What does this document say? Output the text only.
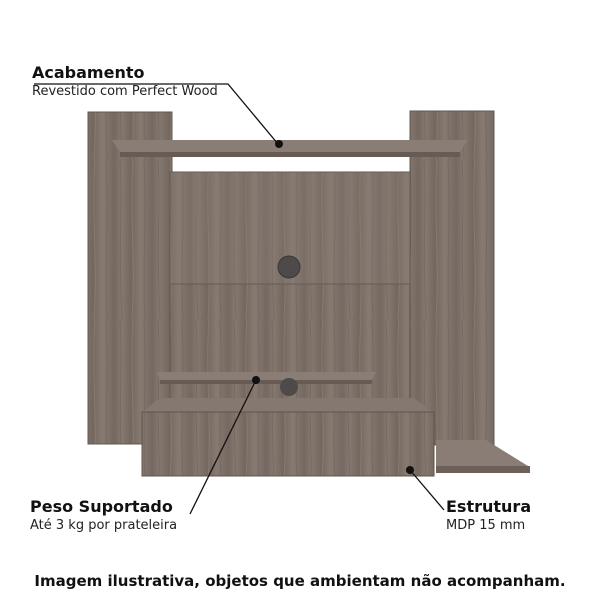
Acabamento
Revestido com Perfect Wood
Peso Suportado
Até 3 kg por prateleira
Estrutura
MDP 15 mm
Imagem ilustrativa, objetos que ambientam não acompanham.
